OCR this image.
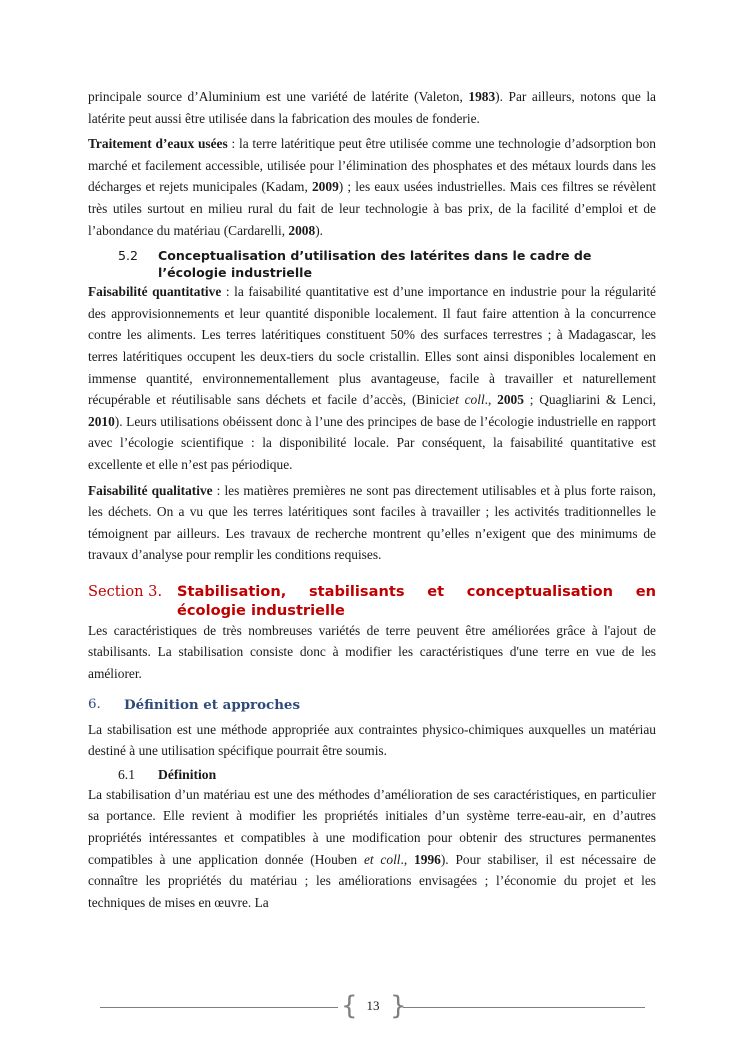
principale source d’Aluminium est une variété de latérite (Valeton, 1983). Par ailleurs, notons que la latérite peut aussi être utilisée dans la fabrication des moules de fonderie.

Traitement d’eaux usées : la terre latéritique peut être utilisée comme une technologie d’adsorption bon marché et facilement accessible, utilisée pour l’élimination des phosphates et des métaux lourds dans les décharges et rejets municipales (Kadam, 2009) ; les eaux usées industrielles. Mais ces filtres se révèlent très utiles surtout en milieu rural du fait de leur technologie à bas prix, de la facilité d’emploi et de l’abondance du matériau (Cardarelli, 2008).

5.2	Conceptualisation d’utilisation des latérites dans le cadre de l’écologie industrielle

Faisabilité quantitative : la faisabilité quantitative est d’une importance en industrie pour la régularité des approvisionnements et leur quantité disponible localement. Il faut faire attention à la concurrence contre les aliments. Les terres latéritiques constituent 50% des surfaces terrestres ; à Madagascar, les terres latéritiques occupent les deux-tiers du socle cristallin. Elles sont ainsi disponibles localement en immense quantité, environnementallement plus avantageuse, facile à travailler et naturellement récupérable et réutilisable sans déchets et facile d’accès, (Biniciet coll., 2005 ; Quagliarini & Lenci, 2010). Leurs utilisations obéissent donc à l’une des principes de base de l’écologie industrielle en rapport avec l’écologie scientifique : la disponibilité locale. Par conséquent, la faisabilité quantitative est excellente et elle n’est pas périodique.

Faisabilité qualitative : les matières premières ne sont pas directement utilisables et à plus forte raison, les déchets. On a vu que les terres latéritiques sont faciles à travailler ; les activités traditionnelles le témoignent par ailleurs. Les travaux de recherche montrent qu’elles n’exigent que des minimums de travaux d’analyse pour remplir les conditions requises.

Section 3.	Stabilisation, stabilisants et conceptualisation en écologie industrielle

Les caractéristiques de très nombreuses variétés de terre peuvent être améliorées grâce à l'ajout de stabilisants. La stabilisation consiste donc à modifier les caractéristiques d'une terre en vue de les améliorer.

6.	Définition et approches

La stabilisation est une méthode appropriée aux contraintes physico-chimiques auxquelles un matériau destiné à une utilisation spécifique pourrait être soumis.

6.1	Définition

La stabilisation d’un matériau est une des méthodes d’amélioration de ses caractéristiques, en particulier sa portance. Elle revient à modifier les propriétés initiales d’un système terre-eau-air, en d’autres propriétés intéressantes et compatibles à une modification pour obtenir des structures permanentes compatibles à une application donnée (Houben et coll., 1996). Pour stabiliser, il est nécessaire de connaître les propriétés du matériau ; les améliorations envisagées ; l’économie du projet et les techniques de mises en œuvre. La

{ 13 }
